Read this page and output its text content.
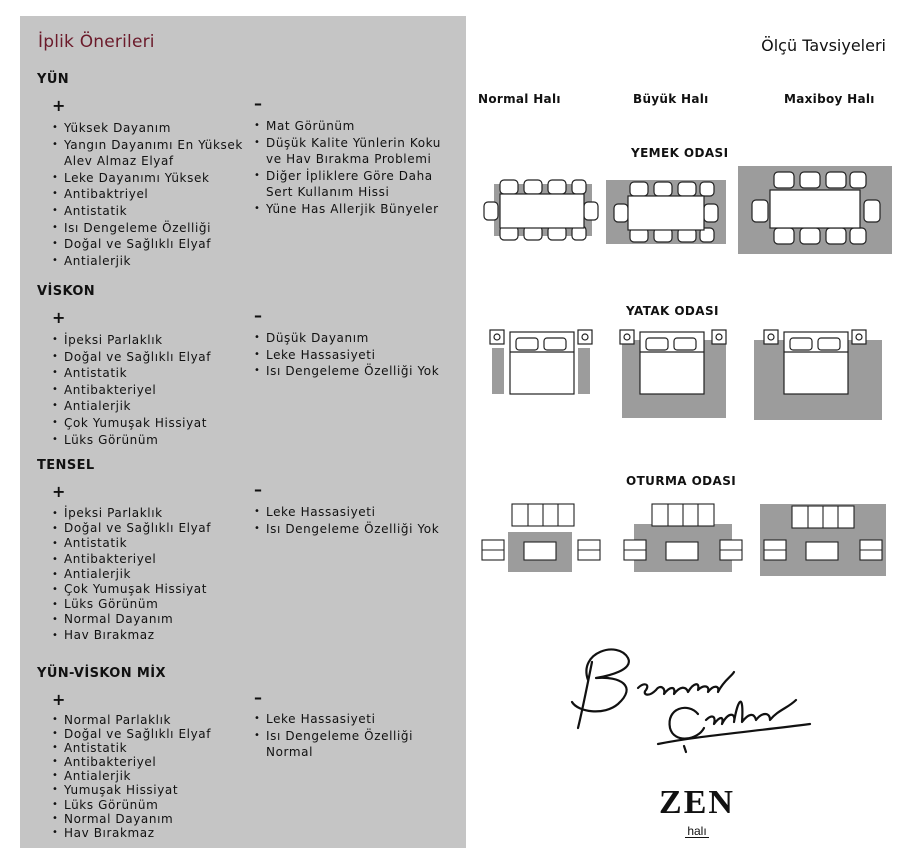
İplik Önerileri
YÜN
+	–
• Yüksek Dayanım
• Yangın Dayanımı En Yüksek Alev Almaz Elyaf
• Leke Dayanımı Yüksek
• Antibaktriyel
• Antistatik
• Isı Dengeleme Özelliği
• Doğal ve Sağlıklı Elyaf
• Antialerjik
• Mat Görünüm
• Düşük Kalite Yünlerin Koku ve Hav Bırakma Problemi
• Diğer İpliklere Göre Daha Sert Kullanım Hissi
• Yüne Has Allerjik Bünyeler
VİSKON
+	–
• İpeksi Parlaklık
• Doğal ve Sağlıklı Elyaf
• Antistatik
• Antibakteriyel
• Antialerjik
• Çok Yumuşak Hissiyat
• Lüks Görünüm
• Düşük Dayanım
• Leke Hassasiyeti
• Isı Dengeleme Özelliği Yok
TENSEL
+	–
• İpeksi Parlaklık
• Doğal ve Sağlıklı Elyaf
• Antistatik
• Antibakteriyel
• Antialerjik
• Çok Yumuşak Hissiyat
• Lüks Görünüm
• Normal Dayanım
• Hav Bırakmaz
• Leke Hassasiyeti
• Isı Dengeleme Özelliği Yok
YÜN-VİSKON MİX
+	–
• Normal Parlaklık
• Doğal ve Sağlıklı Elyaf
• Antistatik
• Antibakteriyel
• Antialerjik
• Yumuşak Hissiyat
• Lüks Görünüm
• Normal Dayanım
• Hav Bırakmaz
• Leke Hassasiyeti
• Isı Dengeleme Özelliği Normal
Ölçü Tavsiyeleri
Normal Halı	Büyük Halı	Maxiboy Halı
YEMEK ODASI
YATAK ODASI
OTURMA ODASI
ZEN
halı
